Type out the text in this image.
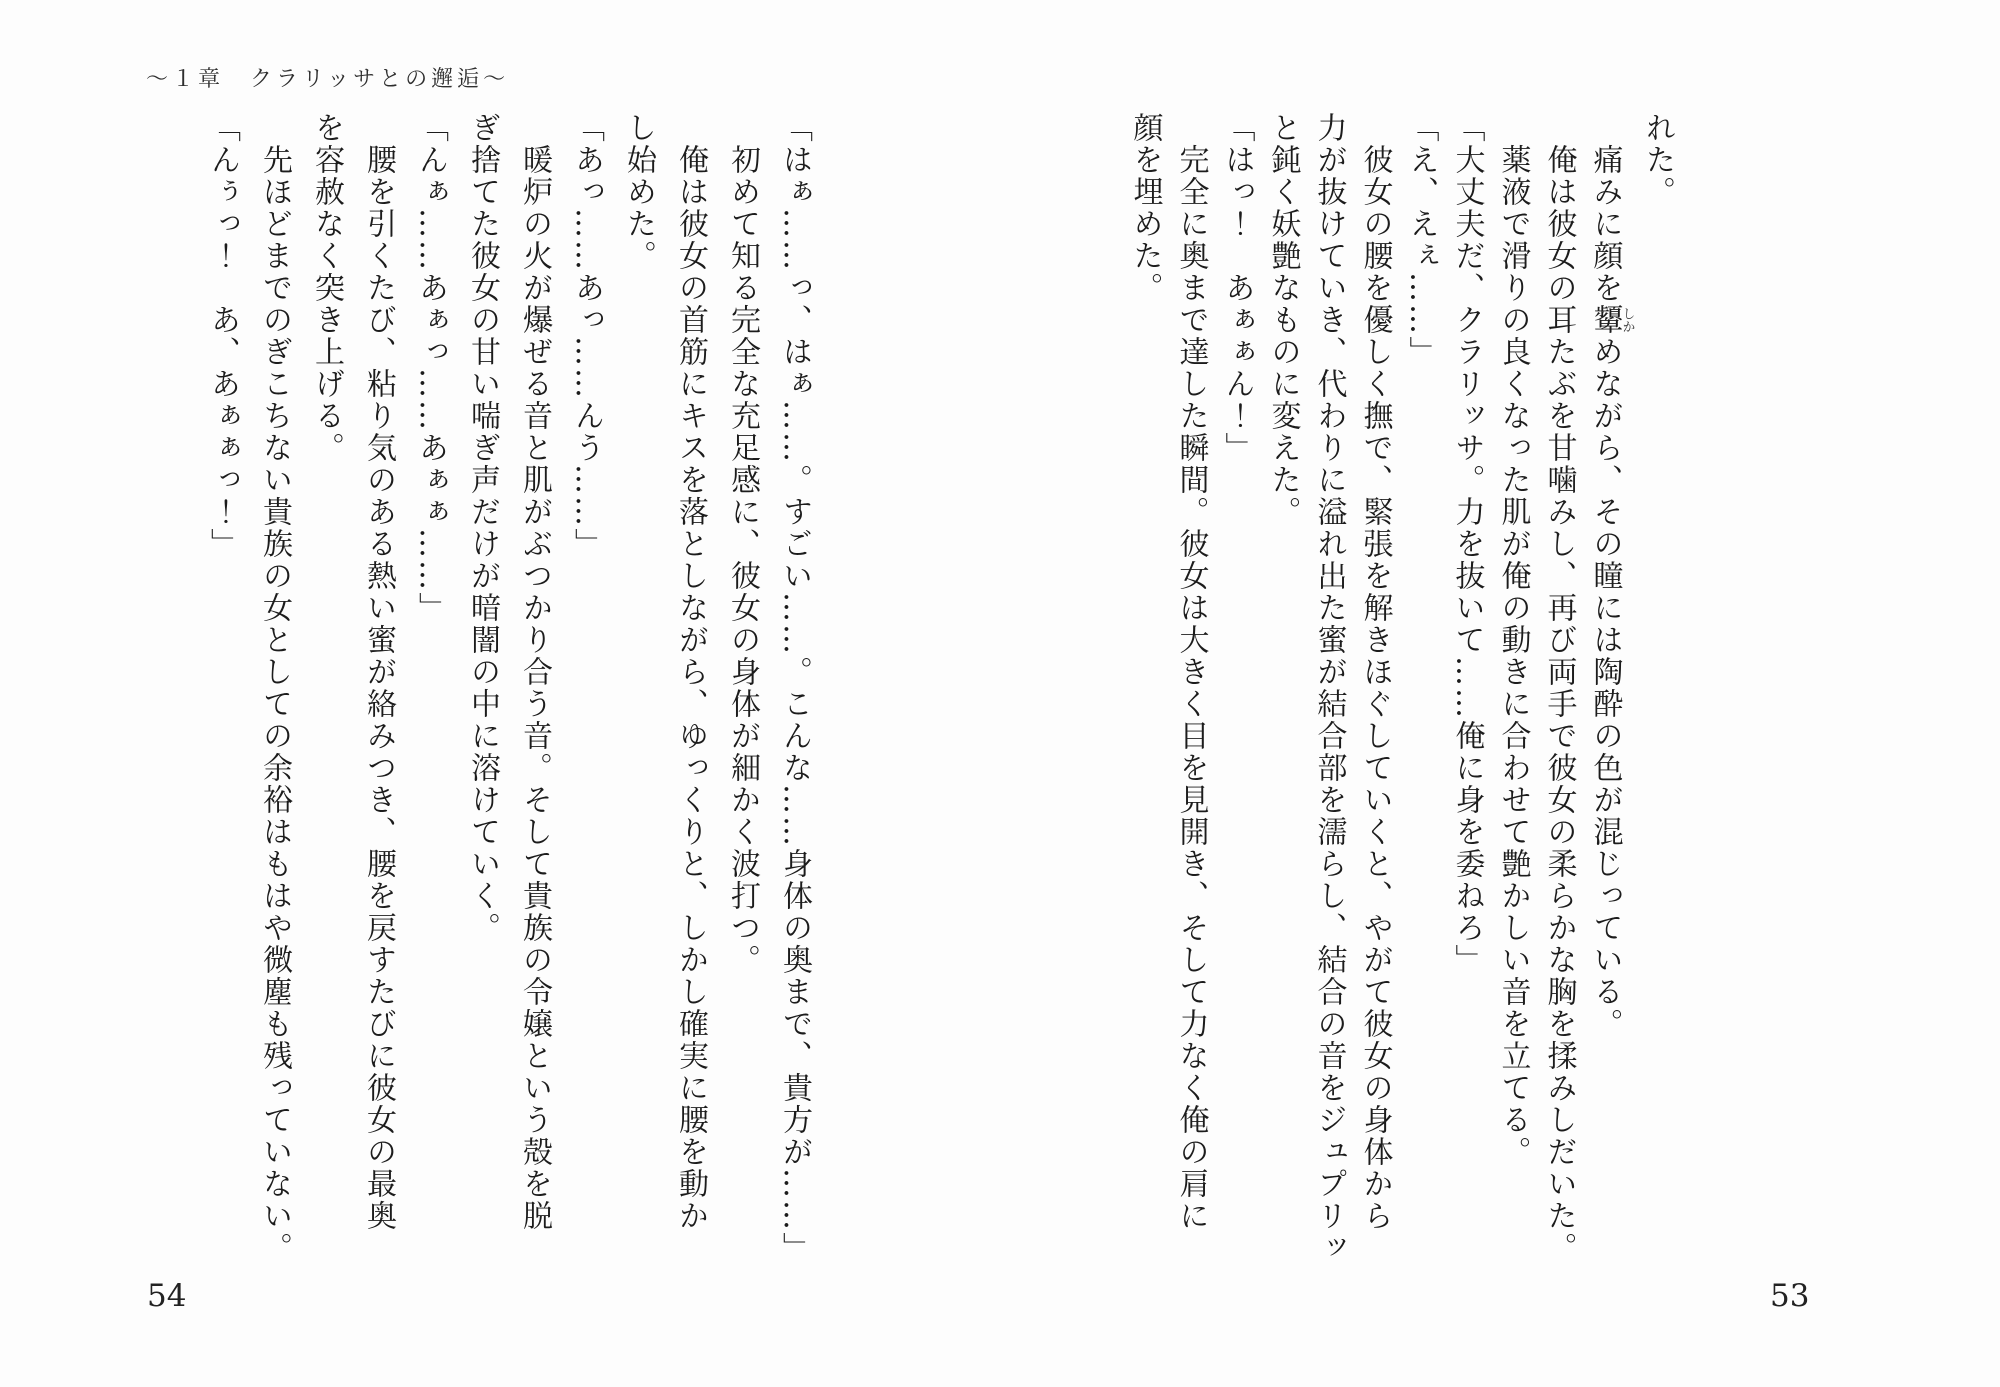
～１章　クラリッサとの邂逅～

れた。

痛みに顔を顰しかめながら、その瞳には陶酔の色が混じっている。

俺は彼女の耳たぶを甘噛みし、再び両手で彼女の柔らかな胸を揉みしだいた。

薬液で滑りの良くなった肌が俺の動きに合わせて艶かしい音を立てる。

「大丈夫だ、クラリッサ。力を抜いて……俺に身を委ねろ」

「え、えぇ……」

彼女の腰を優しく撫で、緊張を解きほぐしていくと、やがて彼女の身体から

力が抜けていき、代わりに溢れ出た蜜が結合部を濡らし、結合の音をジュプリッ

と鈍く妖艶なものに変えた。

「はっ！　あぁぁん！」

完全に奥まで達した瞬間。彼女は大きく目を見開き、そして力なく俺の肩に

顔を埋めた。

「はぁ……っ、はぁ……。すごい……。こんな……身体の奥まで、貴方が……」

初めて知る完全な充足感に、彼女の身体が細かく波打つ。

俺は彼女の首筋にキスを落としながら、ゆっくりと、しかし確実に腰を動か

し始めた。

「あっ……あっ……んう……」

暖炉の火が爆ぜる音と肌がぶつかり合う音。そして貴族の令嬢という殻を脱

ぎ捨てた彼女の甘い喘ぎ声だけが暗闇の中に溶けていく。

「んぁ……あぁっ……あぁぁ……」

腰を引くたび、粘り気のある熱い蜜が絡みつき、腰を戻すたびに彼女の最奥

を容赦なく突き上げる。

先ほどまでのぎこちない貴族の女としての余裕はもはや微塵も残っていない。

「んぅっ！　あ、あぁぁっ！」

53
54
